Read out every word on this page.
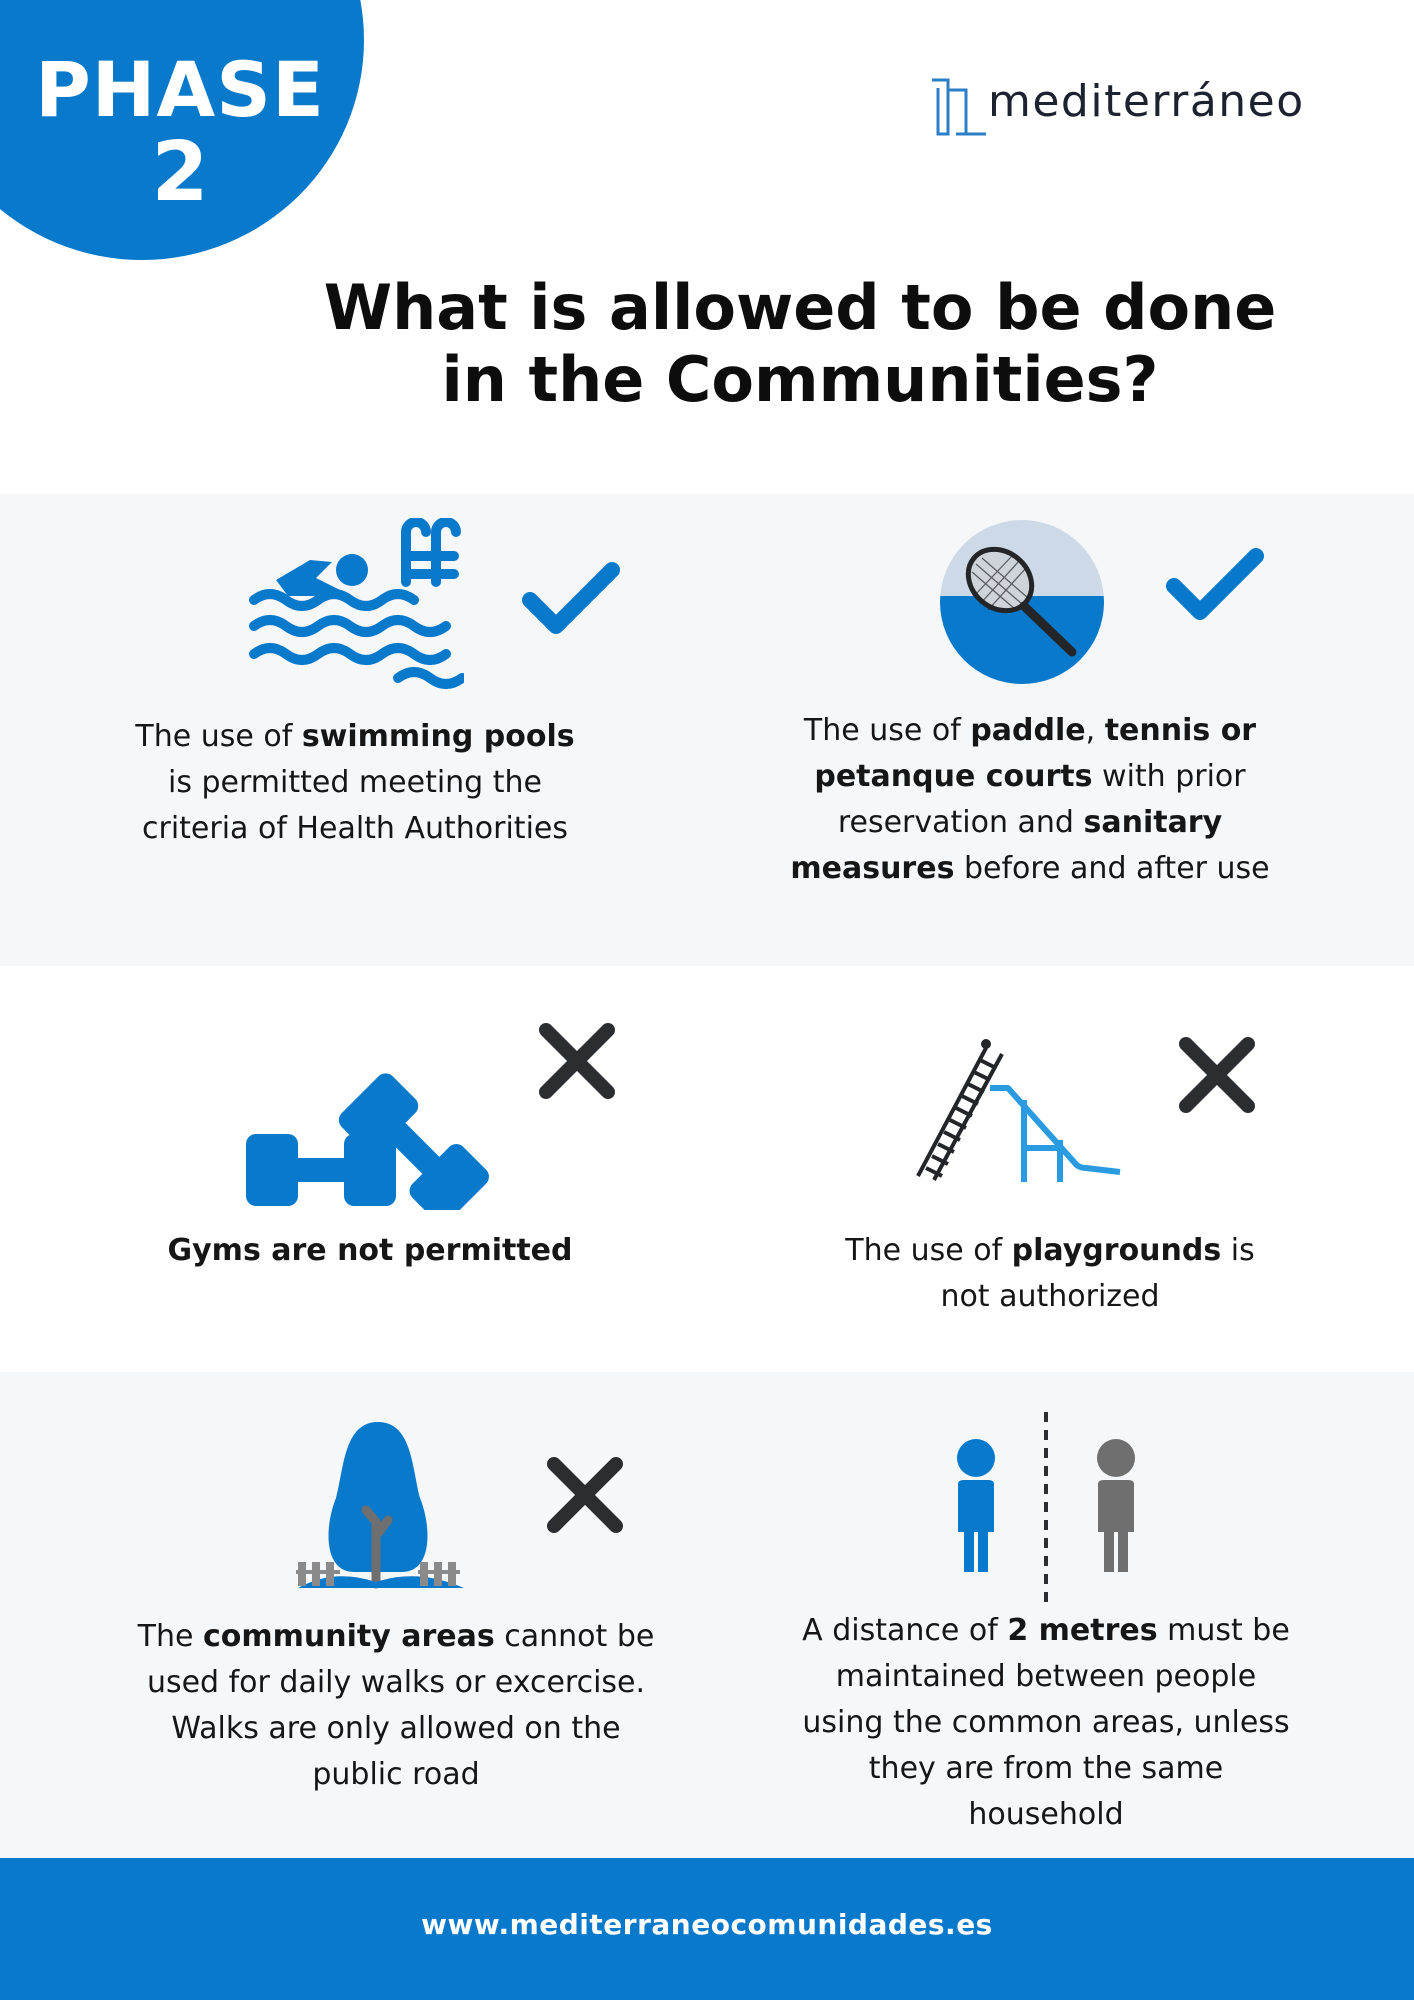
PHASE
2
mediterráneo
What is allowed to be done
in the Communities?
The use of swimming pools
is permitted meeting the
criteria of Health Authorities
The use of paddle, tennis or
petanque courts with prior
reservation and sanitary
measures before and after use
Gyms are not permitted	The use of playgrounds is
not authorized
The community areas cannot be
used for daily walks or excercise.
Walks are only allowed on the
public road
A distance of 2 metres must be
maintained between people
using the common areas, unless
they are from the same
household
www.mediterraneocomunidades.es
